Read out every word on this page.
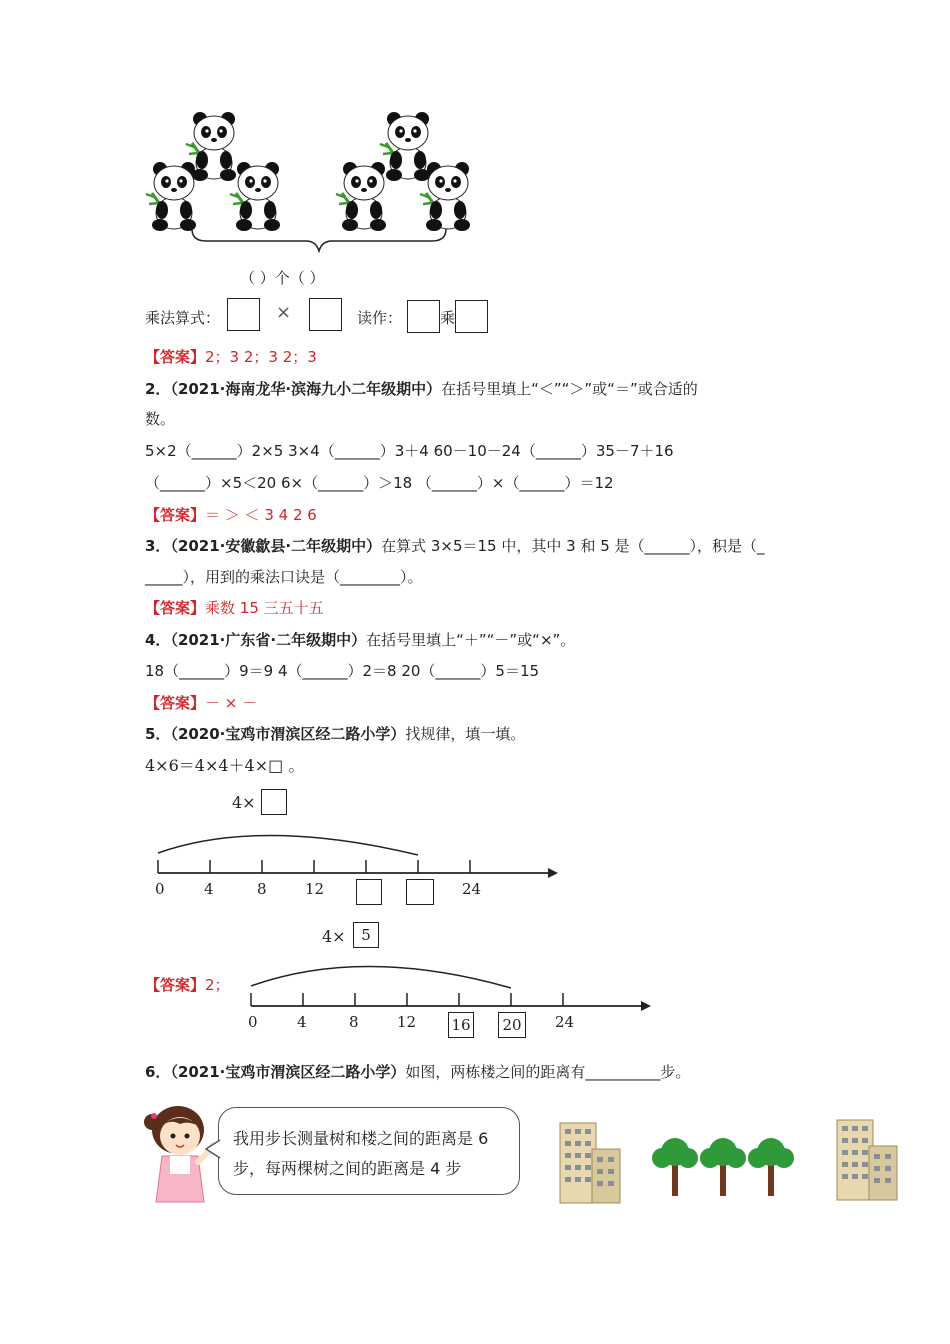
（ ）个（ ）
乘法算式：	×	读作：	乘
【答案】2；3 2；3 2；3
2．（2021·海南龙华·滨海九小二年级期中）在括号里填上“＜”“＞”或“＝”或合适的
数。
5×2（______）2×5 3×4（______）3＋4 60－10－24（______）35－7＋16
（______）×5＜20 6×（______）＞18 （______）×（______）＝12
【答案】＝ ＞ ＜ 3 4 2 6
3．（2021·安徽歙县·二年级期中）在算式 3×5＝15 中，其中 3 和 5 是（______），积是（_
_____），用到的乘法口诀是（________）。
【答案】乘数 15 三五十五
4．（2021·广东省·二年级期中）在括号里填上“＋”“－”或“×”。
18（______）9＝9 4（______）2＝8 20（______）5＝15
【答案】－ × －
5．（2020·宝鸡市渭滨区经二路小学）找规律，填一填。
4×6＝4×4＋4×□ 。
4×
0	4	8	12	24
4×	5
【答案】2；
0	4	8	12 16 20 24
6．（2021·宝鸡市渭滨区经二路小学）如图，两栋楼之间的距离有__________步。
我用步长测量树和楼之间的距离是 6 步，每两棵树之间的距离是 4 步
